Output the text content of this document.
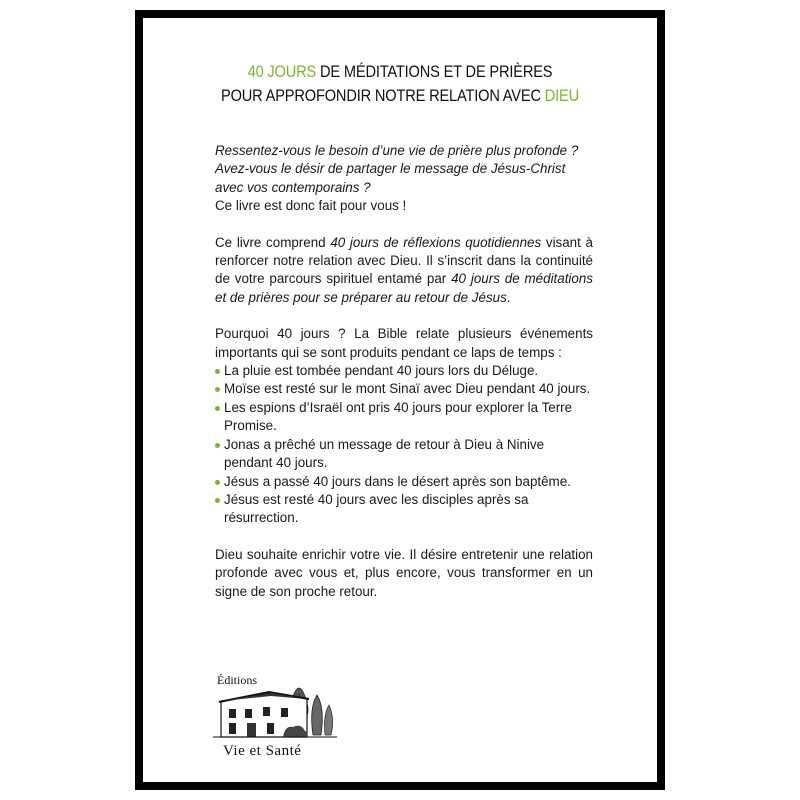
40 JOURS DE MÉDITATIONS ET DE PRIÈRES
POUR APPROFONDIR NOTRE RELATION AVEC DIEU

Ressentez-vous le besoin d’une vie de prière plus profonde ?

Avez-vous le désir de partager le message de Jésus-Christ avec vos contemporains ?

Ce livre est donc fait pour vous !

Ce livre comprend 40 jours de réflexions quotidiennes visant à renforcer notre relation avec Dieu. Il s’inscrit dans la continuité de votre parcours spirituel entamé par 40 jours de méditations et de prières pour se préparer au retour de Jésus.

Pourquoi 40 jours ? La Bible relate plusieurs événements importants qui se sont produits pendant ce laps de temps :

La pluie est tombée pendant 40 jours lors du Déluge.
Moïse est resté sur le mont Sinaï avec Dieu pendant 40 jours.
Les espions d’Israël ont pris 40 jours pour explorer la Terre Promise.
Jonas a prêché un message de retour à Dieu à Ninive pendant 40 jours.
Jésus a passé 40 jours dans le désert après son baptême.
Jésus est resté 40 jours avec les disciples après sa résurrection.

Dieu souhaite enrichir votre vie. Il désire entretenir une relation profonde avec vous et, plus encore, vous transformer en un signe de son proche retour.

Éditions
Vie et Santé
